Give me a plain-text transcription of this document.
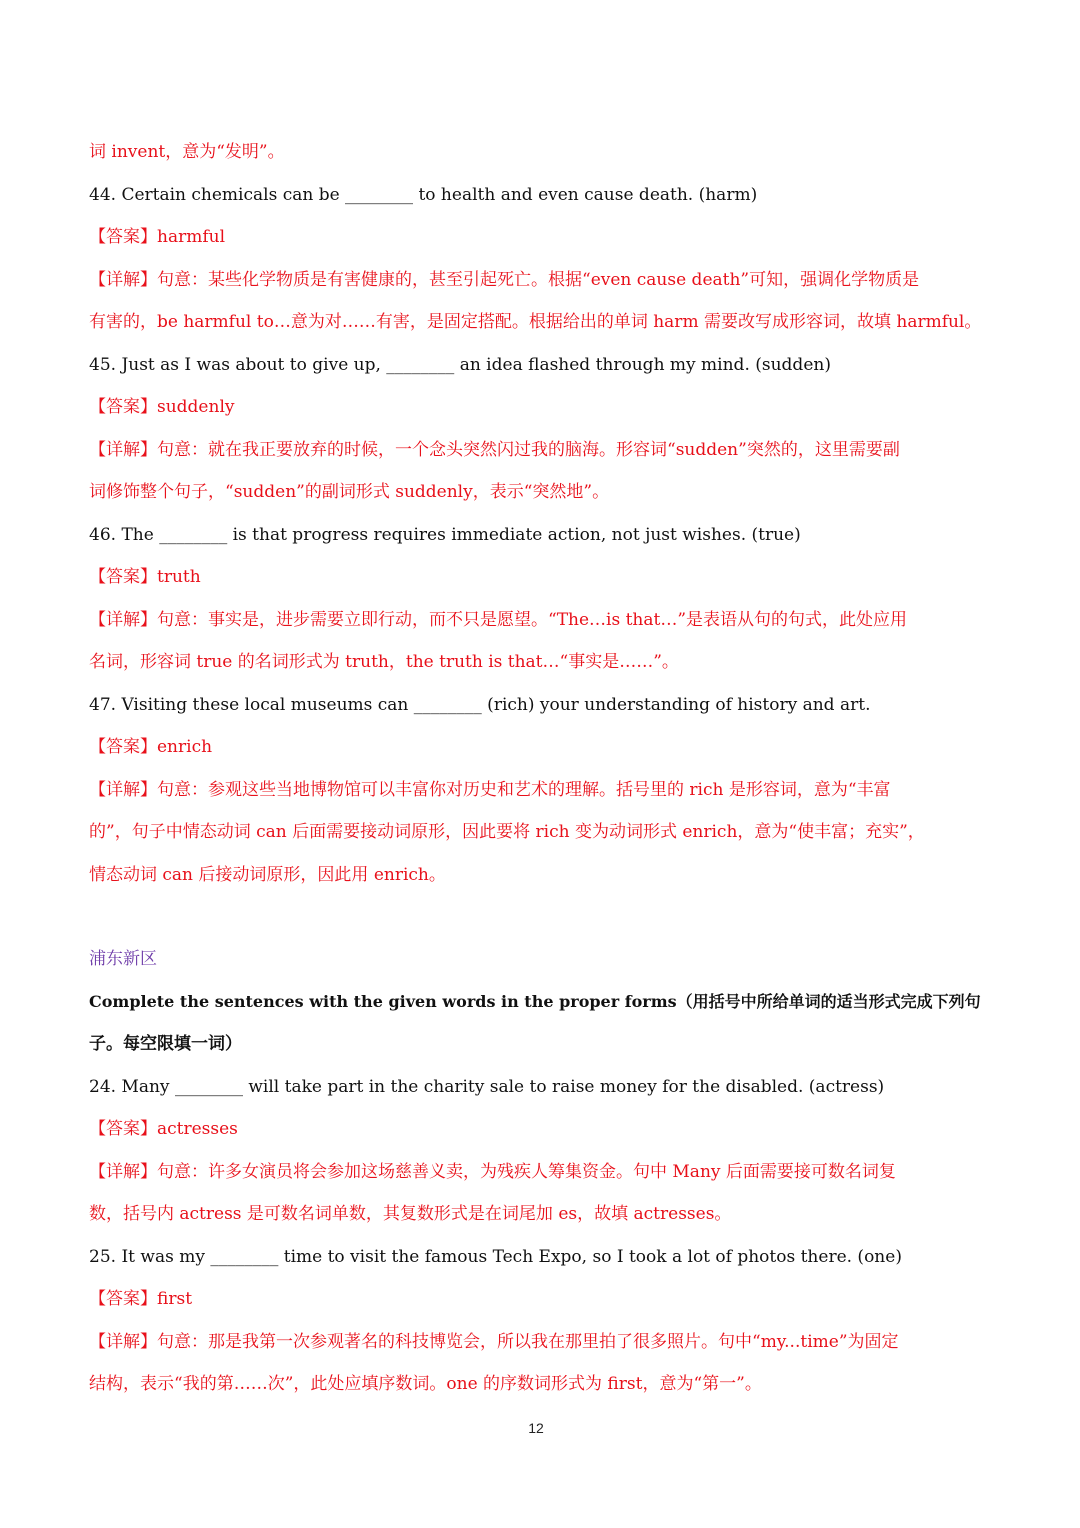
词 invent，意为“发明”。
44. Certain chemicals can be ________ to health and even cause death. (harm)
【答案】harmful
【详解】句意：某些化学物质是有害健康的，甚至引起死亡。根据“even cause death”可知，强调化学物质是
有害的，be harmful to…意为对……有害，是固定搭配。根据给出的单词 harm 需要改写成形容词，故填 harmful。
45. Just as I was about to give up, ________ an idea flashed through my mind. (sudden)
【答案】suddenly
【详解】句意：就在我正要放弃的时候，一个念头突然闪过我的脑海。形容词“sudden”突然的，这里需要副
词修饰整个句子，“sudden”的副词形式 suddenly，表示“突然地”。
46. The ________ is that progress requires immediate action, not just wishes. (true)
【答案】truth
【详解】句意：事实是，进步需要立即行动，而不只是愿望。“The…is that…”是表语从句的句式，此处应用
名词，形容词 true 的名词形式为 truth，the truth is that…“事实是……”。
47. Visiting these local museums can ________ (rich) your understanding of history and art.
【答案】enrich
【详解】句意：参观这些当地博物馆可以丰富你对历史和艺术的理解。括号里的 rich 是形容词，意为“丰富
的”，句子中情态动词 can 后面需要接动词原形，因此要将 rich 变为动词形式 enrich，意为“使丰富；充实”，
情态动词 can 后接动词原形，因此用 enrich。
浦东新区
Complete the sentences with the given words in the proper forms（用括号中所给单词的适当形式完成下列句
子。每空限填一词）
24. Many ________ will take part in the charity sale to raise money for the disabled. (actress)
【答案】actresses
【详解】句意：许多女演员将会参加这场慈善义卖，为残疾人筹集资金。句中 Many 后面需要接可数名词复
数，括号内 actress 是可数名词单数，其复数形式是在词尾加 es，故填 actresses。
25. It was my ________ time to visit the famous Tech Expo, so I took a lot of photos there. (one)
【答案】first
【详解】句意：那是我第一次参观著名的科技博览会，所以我在那里拍了很多照片。句中“my...time”为固定
结构，表示“我的第……次”，此处应填序数词。one 的序数词形式为 first，意为“第一”。
12
